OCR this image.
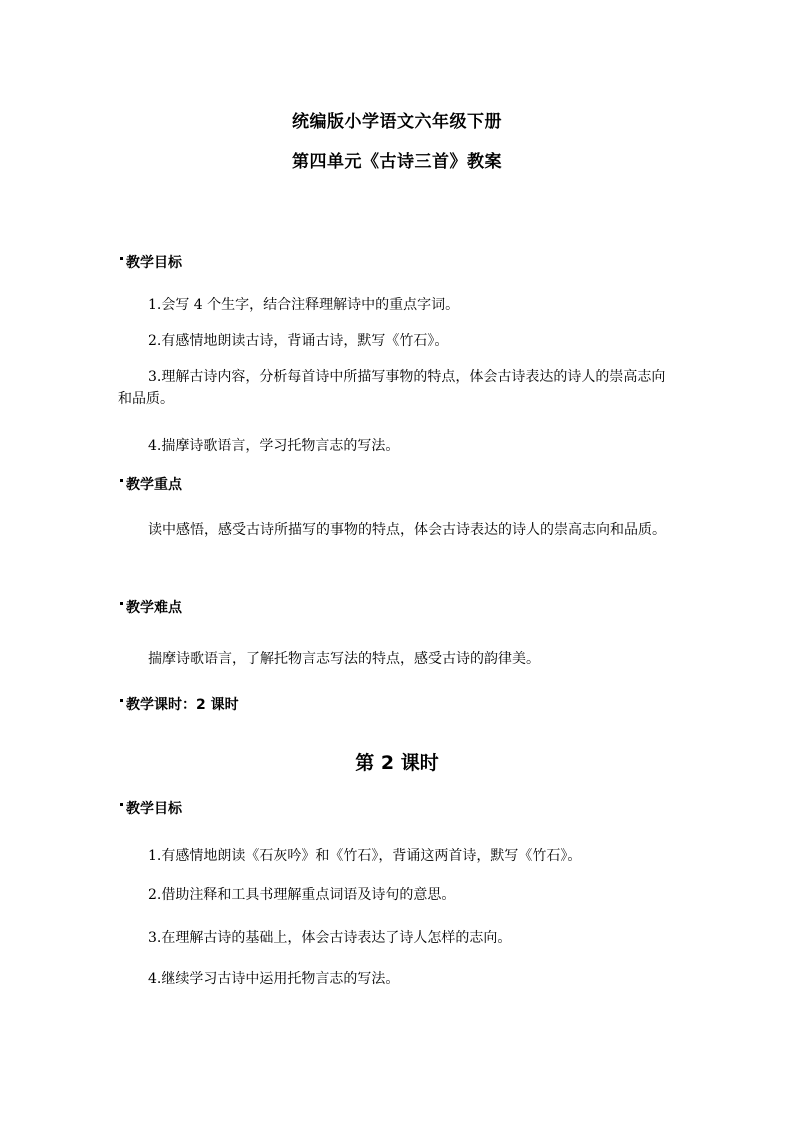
统编版小学语文六年级下册
第四单元《古诗三首》教案
教学目标
1.会写 4 个生字，结合注释理解诗中的重点字词。
2.有感情地朗读古诗，背诵古诗，默写《竹石》。
3.理解古诗内容，分析每首诗中所描写事物的特点，体会古诗表达的诗人的崇高志向和品质。
4.揣摩诗歌语言，学习托物言志的写法。
教学重点
读中感悟，感受古诗所描写的事物的特点，体会古诗表达的诗人的崇高志向和品质。
教学难点
揣摩诗歌语言，了解托物言志写法的特点，感受古诗的韵律美。
教学课时：2 课时
第 2 课时
教学目标
1.有感情地朗读《石灰吟》和《竹石》，背诵这两首诗，默写《竹石》。
2.借助注释和工具书理解重点词语及诗句的意思。
3.在理解古诗的基础上，体会古诗表达了诗人怎样的志向。
4.继续学习古诗中运用托物言志的写法。
